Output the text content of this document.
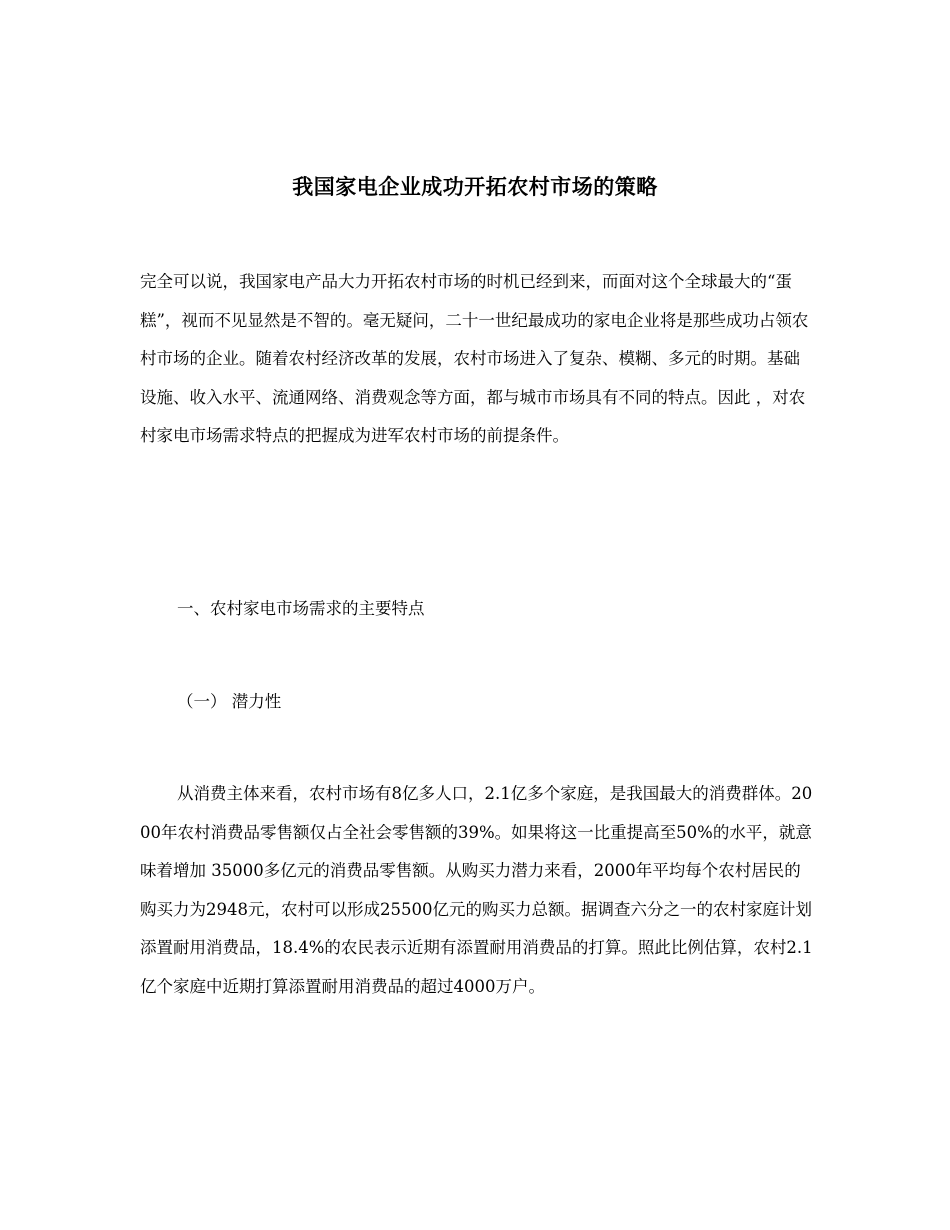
我国家电企业成功开拓农村市场的策略
完全可以说，我国家电产品大力开拓农村市场的时机已经到来，而面对这个全球最大的“蛋糕”，视而不见显然是不智的。毫无疑问，二十一世纪最成功的家电企业将是那些成功占领农村市场的企业。随着农村经济改革的发展，农村市场进入了复杂、模糊、多元的时期。基础设施、收入水平、流通网络、消费观念等方面，都与城市市场具有不同的特点。因此 ，对农村家电市场需求特点的把握成为进军农村市场的前提条件。
一、农村家电市场需求的主要特点
（一） 潜力性
从消费主体来看，农村市场有8亿多人口，2.1亿多个家庭，是我国最大的消费群体。2000年农村消费品零售额仅占全社会零售额的39%。如果将这一比重提高至50%的水平，就意味着增加 35000多亿元的消费品零售额。从购买力潜力来看，2000年平均每个农村居民的购买力为2948元，农村可以形成25500亿元的购买力总额。据调查六分之一的农村家庭计划添置耐用消费品，18.4%的农民表示近期有添置耐用消费品的打算。照此比例估算，农村2.1亿个家庭中近期打算添置耐用消费品的超过4000万户。
